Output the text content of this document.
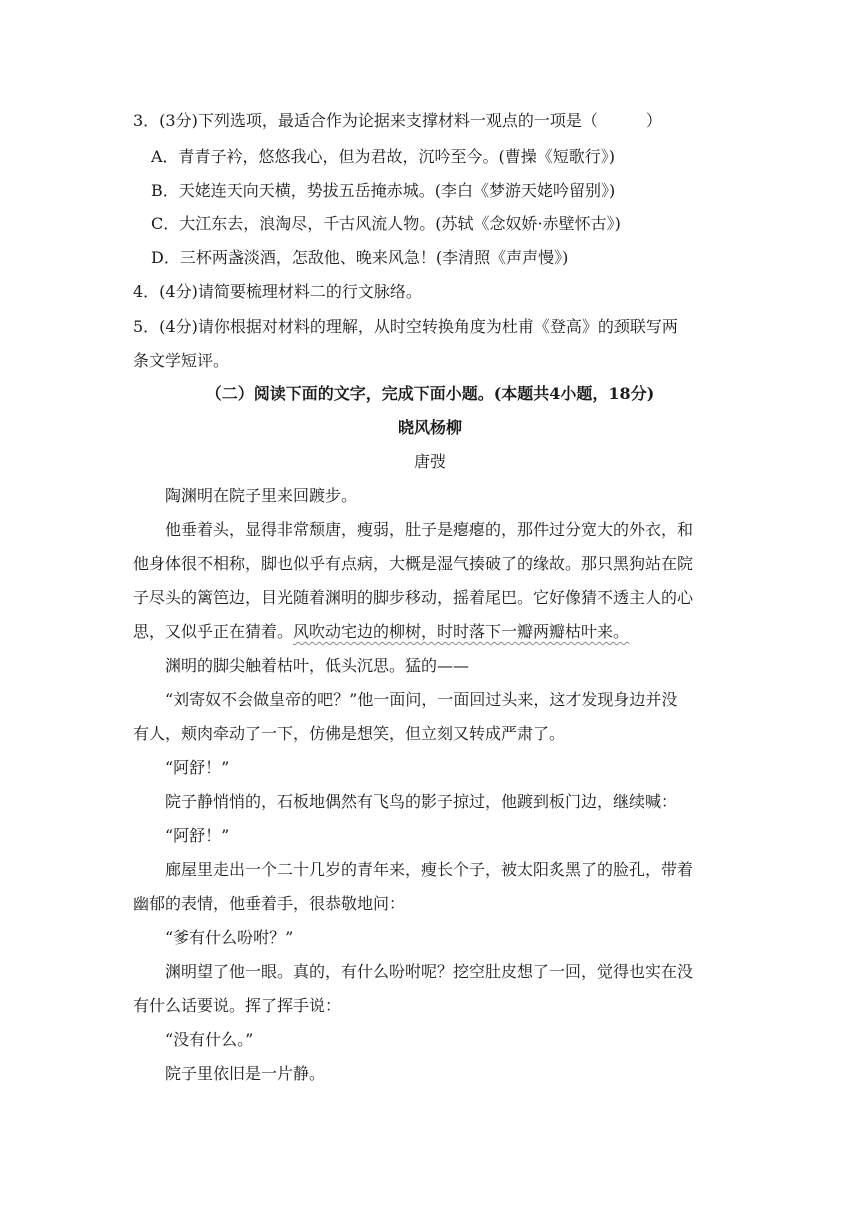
3．(3分)下列选项，最适合作为论据来支撑材料一观点的一项是（　　　）
A．青青子衿，悠悠我心，但为君故，沉吟至今。(曹操《短歌行》)
B．天姥连天向天横，势拔五岳掩赤城。(李白《梦游天姥吟留别》)
C．大江东去，浪淘尽，千古风流人物。(苏轼《念奴娇·赤壁怀古》)
D．三杯两盏淡酒，怎敌他、晚来风急！(李清照《声声慢》)
4．(4分)请简要梳理材料二的行文脉络。
5．(4分)请你根据对材料的理解，从时空转换角度为杜甫《登高》的颈联写两
条文学短评。
（二）阅读下面的文字，完成下面小题。(本题共4小题，18分)
晓风杨柳
唐弢
陶渊明在院子里来回踱步。
他垂着头，显得非常颓唐，瘦弱，肚子是瘪瘪的，那件过分宽大的外衣，和
他身体很不相称，脚也似乎有点病，大概是湿气揍破了的缘故。那只黑狗站在院
子尽头的篱笆边，目光随着渊明的脚步移动，摇着尾巴。它好像猜不透主人的心
思，又似乎正在猜着。风吹动宅边的柳树，时时落下一瓣两瓣枯叶来。
渊明的脚尖触着枯叶，低头沉思。猛的——
“刘寄奴不会做皇帝的吧？”他一面问，一面回过头来，这才发现身边并没
有人，颊肉牵动了一下，仿佛是想笑，但立刻又转成严肃了。
“阿舒！”
院子静悄悄的，石板地偶然有飞鸟的影子掠过，他踱到板门边，继续喊：
“阿舒！”
廊屋里走出一个二十几岁的青年来，瘦长个子，被太阳炙黑了的脸孔，带着
幽郁的表情，他垂着手，很恭敬地问：
“爹有什么吩咐？”
渊明望了他一眼。真的，有什么吩咐呢？挖空肚皮想了一回，觉得也实在没
有什么话要说。挥了挥手说：
“没有什么。”
院子里依旧是一片静。
